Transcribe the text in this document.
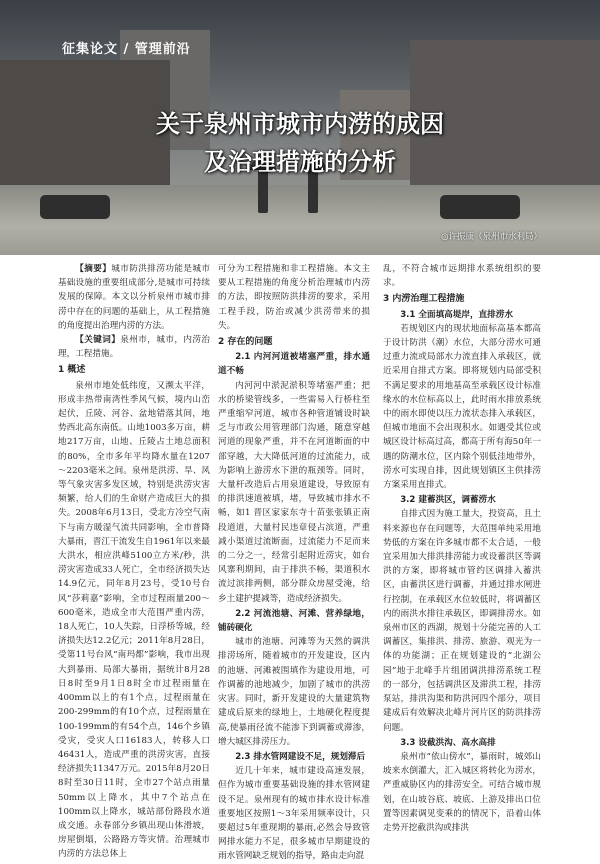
征集论文 / 管理前沿
关于泉州市城市内涝的成因
及治理措施的分析
◎许振康（泉州市水利局）

【摘要】城市防洪排涝功能是城市基础设施的重要组成部分,是城市可持续发展的保障。本文以分析泉州市城市排涝中存在的问题的基础上，从工程措施的角度提出治理内涝的方法。

【关键词】泉州市，城市，内涝治理，工程措施。

1 概述

泉州市地处低纬度，又濒太平洋，形成丰热带南湾性季风气候，境内山峦起伏，丘陵、河谷、盆地错落其间，地势西北高东南低。山地1003多万亩，耕地217万亩，山地、丘陵占土地总面积的80%，全市多年平均降水量在1207～2203毫米之间。泉州是洪涝、旱、风等气象灾害多发区域，特别是洪涝灾害频繁，给人们的生命财产造成巨大的损失。2008年6月13日，受北方冷空气南下与南方暖湿气流共同影响，全市普降大暴雨，晋江干流发生自1961年以来最大洪水，相应洪峰5100立方米/秒，洪涝灾害造成33人死亡，全市经济损失达14.9亿元，同年8月23号，受10号台风“莎莉嘉”影响，全市过程雨量200～600毫米，造成全市大范围严重内涝，18人死亡，10人失踪，日浮桥等城，经济损失达12.2亿元；2011年8月28日，受第11号台风“南玛都”影响，我市出现大到暴雨、局部大暴雨，据统计8月28日8时至9月1日8时全市过程雨量在400mm以上的有1个点，过程雨量在200-299mm的有10个点，过程雨量在100-199mm的有54个点，146个乡镇受灾，受灾人口16183人，转移人口46431人，造成严重的洪涝灾害，直接经济损失11347万元。2015年8月20日8时至30日11时，全市27个站点雨量50mm以上降水，其中7个站点在100mm以上降水，城站部份路段水道成交通。永春部分乡镇出现山体滑坡，房屋倒塌，公路路方等灾情。治理城市内涝的方法总体上

可分为工程措施和非工程措施。本文主要从工程措施的角度分析治理城市内涝的方法，即按照防洪排涝的要求，采用工程手段，防治或减少洪涝带来的损失。

2 存在的问题
2.1 内河河道被堵塞严重，排水通道不畅

内河河中淤泥淤积等堵塞严重；把水的桥梁管线多，一些需易入行桥柱至严重缩窄河道，城市各种管道铺设时缺乏与市政公用管理部门沟通，随意穿越河道的现象严重，并不在河道断面的中部穿越，大大降低河道的过流能力，成为影响上游涝水下泄的瓶颈等。同时，大量杆改造后占用泉道建设，导致原有的排洪速道被填，堵，导致城市排水不畅，如1 晋区家家东寺十苗张张镇正南段道道，大量村民违章侵占滨道，严重减小渠道过流断面，过流能力不足而来的二分之一，经常引起附近涝灾，如台风寨利期间，由于排洪不畅，渠道积水流过滨排两侧，部分群众房屋受淹，给乡土建护提减等，造成经济损失。

2.2 河流池塘、河滩、营养绿地，铺砖硬化

城市的池塘、河滩等为天然的调洪排涝场所，随着城市的开发建设，区内的池塘、河滩被围填作为建设用地，可作调蓄的池地减少，加剧了城市的洪涝灾害。同时，新开发建设的大量建筑物建成后原来的绿地上，土地硬化程度提高,使暴雨径流不能渗下到调蓄或滞渗，增大城区排涝压力。

2.3 排水管网建设不足，规划滞后

近几十年来，城市建设高速发展，但作为城市重要基础设施的排水管网建设不足。泉州现有的城市排水设计标准重要地区按照1～3年采用频率设计，只要超过5年重现期的暴雨,必然会导致管网排水能力不足，很多城市早期建设的雨水管网缺乏规划的指导，路由走向混

乱，不符合城市远期排水系统组织的要求。

3 内涝治理工程措施
3.1 全面填高堤岸，直排涝水

若规划区内的现状地面标高基本都高于设计防洪（潮）水位，大部分涝水可通过重力流或局部水力流直排入承载区，就近采用自排式方案。即将规划内局部受积不满足要求的用地基高至承载区设计标准缘水的水位标高以上，此时雨水排放系统中的雨水即使以压力流状态排入承载区，但城市地面不会出现积水。如遇受其位或城区设计标高过高，都高于所有海50年一遇的防潮水位，区内除个别低洼地带外，涝水可实现自排，因此规划镇区主供排涝方案采用直排式。

3.2 建蓄洪区，调蓄涝水

自排式因为施工量大，投资高，且土料来源也存在问题等，大范围单纯采用地势低的方案在许多城市都不太合适，一般宜采用加大排洪排涝能力或设蓄洪区等调洪的方案，即将城市管约区调排入蓄洪区，由蓄洪区进行调蓄，并通过排水闸进行控制，在承载区水位较低时，将调蓄区内的雨洪水排往承载区，即调排涝水。如泉州市区的西湖，规划十分能完善的人工调蓄区，集排洪、排涝、旅游、观光为一体的功能湖；正在规划建设的“北湖公园”地于北峰手片组团调洪排涝系统工程的一部分，包括调洪区及滞洪工程，排涝泵站，排洪沟渠和防洪河四个部分，项目建成后有效解决北峰片河片区的防洪排涝问题。

3.3 设截洪沟、高水高排

泉州市“依山傍水”，暴雨时，城郊山坡来水倒灌大，汇入城区将转化为涝水，严重威胁区内的排涝安全。可结合城市规划，在山坡谷底、坡底、上游及排出口位置等因素调见变乘的的情况下，沿着山体走势开挖截洪沟或排洪
